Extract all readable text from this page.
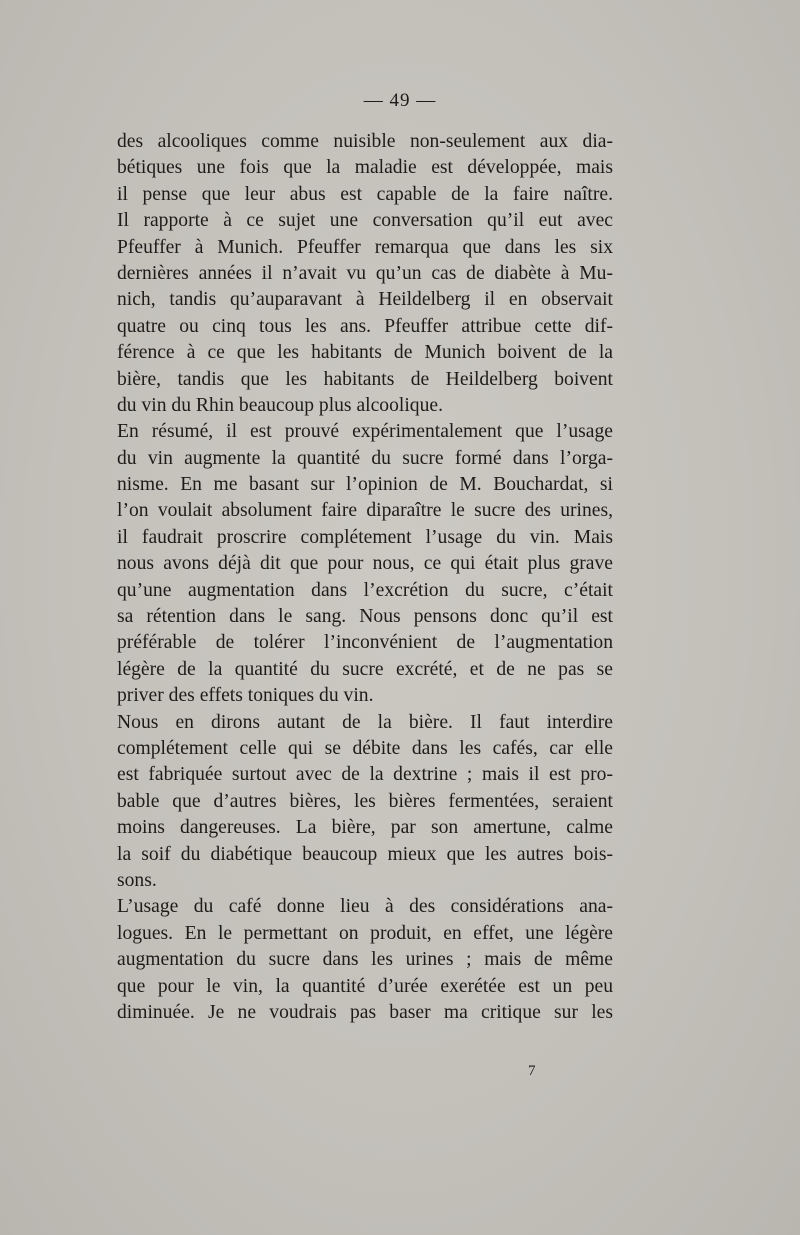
— 49 —
des alcooliques comme nuisible non-seulement aux dia-
bétiques une fois que la maladie est développée, mais
il pense que leur abus est capable de la faire naître.
Il rapporte à ce sujet une conversation qu’il eut avec
Pfeuffer à Munich. Pfeuffer remarqua que dans les six
dernières années il n’avait vu qu’un cas de diabète à Mu-
nich, tandis qu’auparavant à Heildelberg il en observait
quatre ou cinq tous les ans. Pfeuffer attribue cette dif-
férence à ce que les habitants de Munich boivent de la
bière, tandis que les habitants de Heildelberg boivent
du vin du Rhin beaucoup plus alcoolique.
En résumé, il est prouvé expérimentalement que l’usage
du vin augmente la quantité du sucre formé dans l’orga-
nisme. En me basant sur l’opinion de M. Bouchardat, si
l’on voulait absolument faire diparaître le sucre des urines,
il faudrait proscrire complétement l’usage du vin. Mais
nous avons déjà dit que pour nous, ce qui était plus grave
qu’une augmentation dans l’excrétion du sucre, c’était
sa rétention dans le sang. Nous pensons donc qu’il est
préférable de tolérer l’inconvénient de l’augmentation
légère de la quantité du sucre excrété, et de ne pas se
priver des effets toniques du vin.
Nous en dirons autant de la bière. Il faut interdire
complétement celle qui se débite dans les cafés, car elle
est fabriquée surtout avec de la dextrine ; mais il est pro-
bable que d’autres bières, les bières fermentées, seraient
moins dangereuses. La bière, par son amertune, calme
la soif du diabétique beaucoup mieux que les autres bois-
sons.
L’usage du café donne lieu à des considérations ana-
logues. En le permettant on produit, en effet, une légère
augmentation du sucre dans les urines ; mais de même
que pour le vin, la quantité d’urée exerétée est un peu
diminuée. Je ne voudrais pas baser ma critique sur les
7
